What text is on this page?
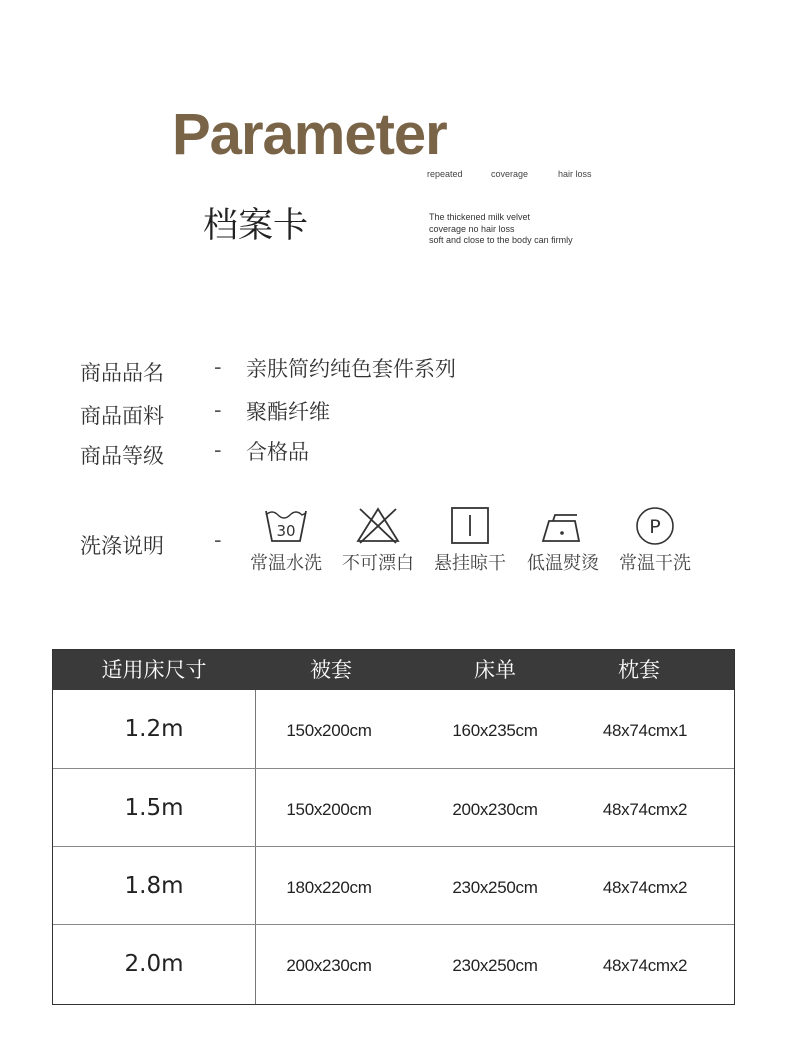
Parameter
repeated	coverage	hair loss
档案卡	The thickened milk velvet
coverage no hair loss
soft and close to the body can firmly
商品品名 - 亲肤简约纯色套件系列
商品面料 - 聚酯纤维
商品等级 - 合格品
洗涤说明 -	30
常温水洗	不可漂白	悬挂晾干	低温熨烫
P
常温干洗
适用床尺寸	被套	床单	枕套
1.2m	150x200cm	160x235cm	48x74cmx1
1.5m	150x200cm	200x230cm	48x74cmx2
1.8m	180x220cm	230x250cm	48x74cmx2
2.0m	200x230cm	230x250cm	48x74cmx2
